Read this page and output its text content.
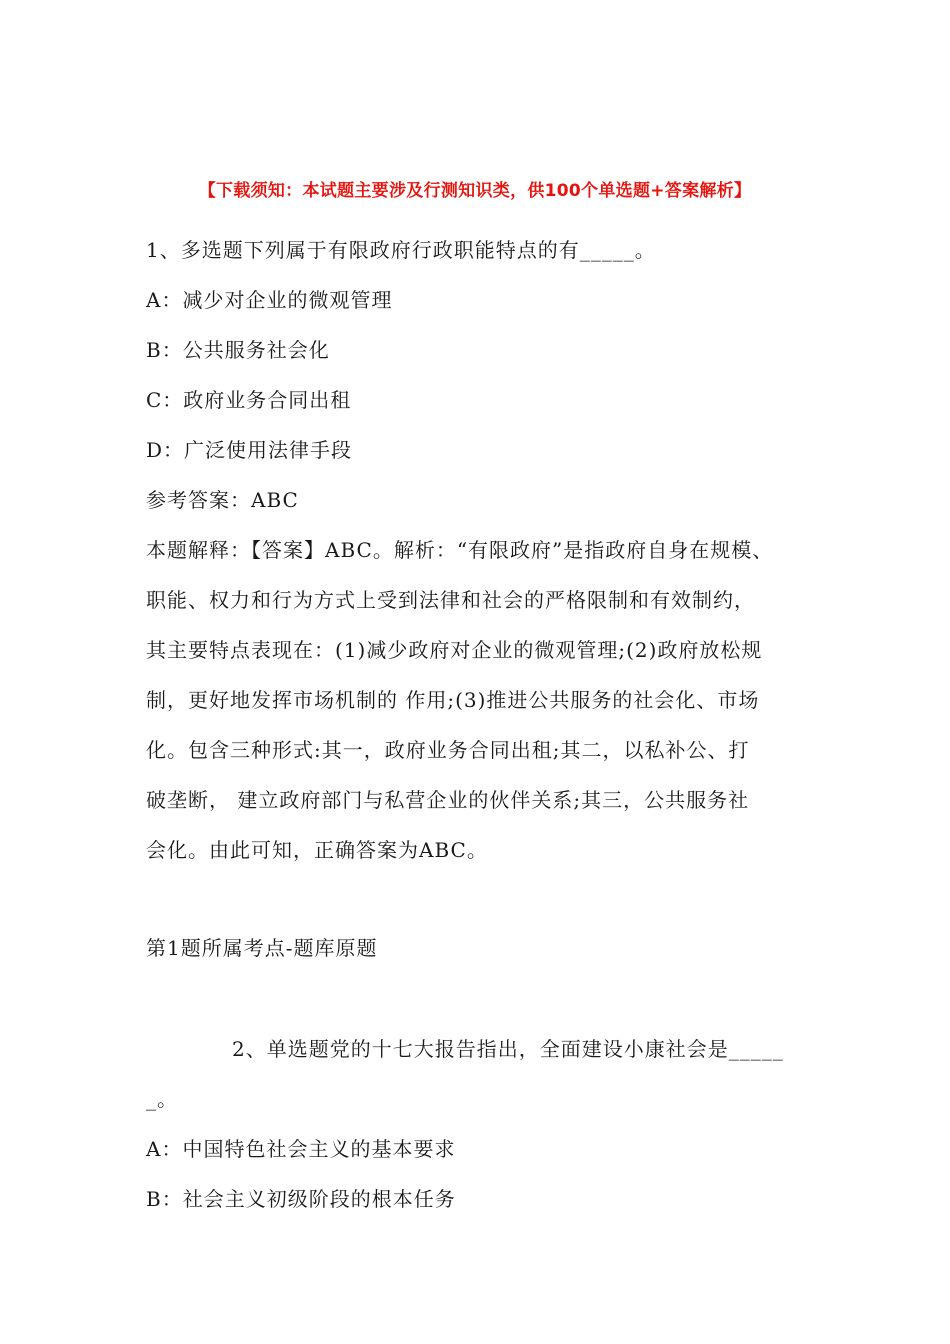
【下载须知：本试题主要涉及行测知识类，供100个单选题+答案解析】
1、多选题下列属于有限政府行政职能特点的有_____。
A：减少对企业的微观管理
B：公共服务社会化
C：政府业务合同出租
D：广泛使用法律手段
参考答案：ABC
本题解释：【答案】ABC。解析：“有限政府”是指政府自身在规模、
职能、权力和行为方式上受到法律和社会的严格限制和有效制约，
其主要特点表现在：(1)减少政府对企业的微观管理;(2)政府放松规
制，更好地发挥市场机制的 作用;(3)推进公共服务的社会化、市场
化。包含三种形式:其一，政府业务合同出租;其二，以私补公、打
破垄断， 建立政府部门与私营企业的伙伴关系;其三，公共服务社
会化。由此可知，正确答案为ABC。
第1题所属考点-题库原题
2、单选题党的十七大报告指出，全面建设小康社会是_____
_。
A：中国特色社会主义的基本要求
B：社会主义初级阶段的根本任务
